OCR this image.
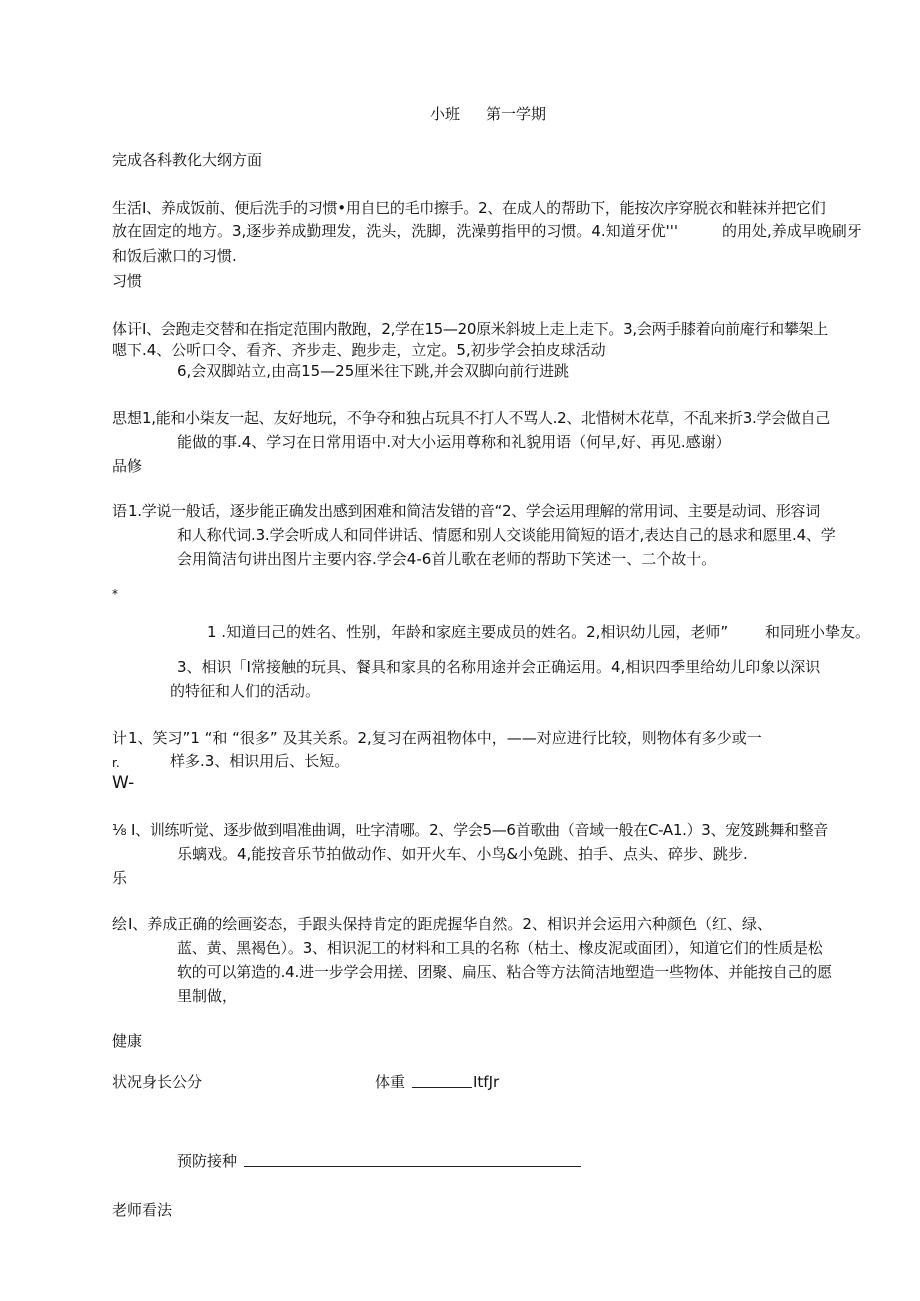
小班 第一学期
完成各科教化大纲方面
生活 I、养成饭前、便后洗手的习惯•用自巳的毛巾擦手。2、在成人的帮助下，能按次序穿脱衣和鞋袜并把它们
放在固定的地方。3,逐步养成勤理发，洗头，洗脚，洗澡剪指甲的习惯。4.知道牙优'''	的用处,养成早晚刷牙
和饭后漱口的习惯.
习惯
体讦 I、会跑走交替和在指定范围内散跑，2,学在15—20原米斜坡上走上走下。3,会两手膝着向前庵行和攀架上
嗯下.4、公听口令、看齐、齐步走、跑步走，立定。5,初步学会拍皮球活动
6,会双脚站立,由高15—25厘米往下跳,并会双脚向前行进跳
思想 1,能和小柒友一起、友好地玩，不争夺和独占玩具不打人不骂人.2、北惜树木花草，不乱来折3.学会做自己
能做的事.4、学习在日常用语中.对大小运用尊称和礼貌用语（何早,好、再见.感谢）
品修
语 1.学说一般话，逐步能正确发出感到困难和简洁发错的音“2、学会运用理解的常用词、主要是动词、形容词
和人称代词.3.学会听成人和同伴讲话、情愿和别人交谈能用简短的语才,表达自己的恳求和愿里.4、学
会用简洁句讲出图片主要内容.学会4-6首儿歌在老师的帮助下笑述一、二个故十。
*
1 .知道曰己的姓名、性别，年龄和家庭主要成员的姓名。2,相识幼儿园，老师” 和同班小挚友。
3、相识「I常接触的玩具、餐具和家具的名称用途并会正确运用。4,相识四季里给幼儿印象以深识
的特征和人们的活动。
计 1、笑习”1 “和 “很多” 及其关系。2,复习在两祖物体中，——对应进行比较，则物体有多少或一
r.	样多.3、相识用后、长短。
W-
⅛ I、训练听觉、逐步做到唱准曲调，吐字清哪。2、学会5—6首歌曲（音域一般在C-A1.）3、宠笈跳舞和整音
乐螭戏。4,能按音乐节拍做动作、如开火车、小鸟&小兔跳、拍手、点头、碎步、跳步.
乐
绘 I、养成正确的绘画姿态，手跟头保持肯定的距虎握华自然。2、相识并会运用六种颜色（红、绿、
蓝、黄、黑褐色）。3、相识泥工的材料和工具的名称（枯土、橡皮泥或面团），知道它们的性质是松
软的可以第造的.4.进一步学会用搓、团聚、扁压、粘合等方法简洁地塑造一些物体、并能按自己的愿
里制做，
健康
状况身长公分	体重	ItfJr
预防接种
老师看法
